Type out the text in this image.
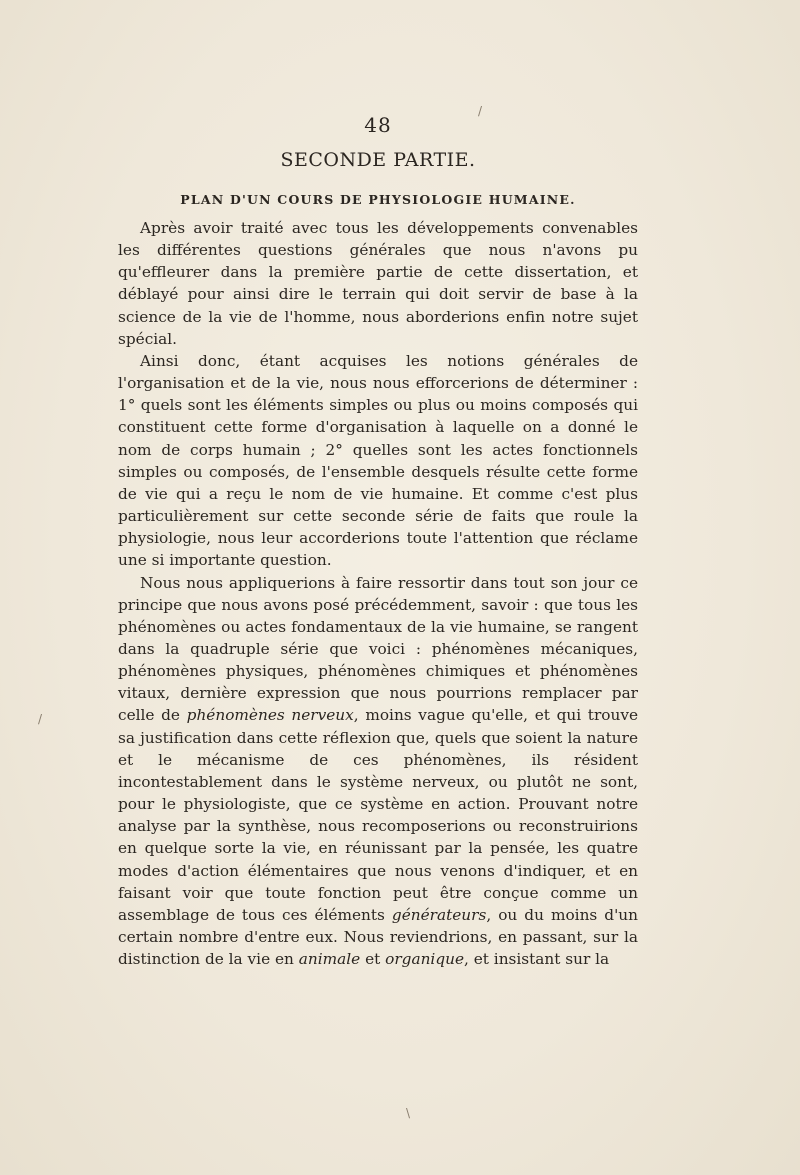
/
/
\
48
SECONDE PARTIE.
PLAN D'UN COURS DE PHYSIOLOGIE HUMAINE.

Après avoir traité avec tous les développements convenables les différentes questions générales que nous n'avons pu qu'effleurer dans la première partie de cette dissertation, et déblayé pour ainsi dire le terrain qui doit servir de base à la science de la vie de l'homme, nous aborderions enfin notre sujet spécial.

Ainsi donc, étant acquises les notions générales de l'organisation et de la vie, nous nous efforcerions de déterminer : 1° quels sont les éléments simples ou plus ou moins composés qui constituent cette forme d'organisation à laquelle on a donné le nom de corps humain ; 2° quelles sont les actes fonctionnels simples ou composés, de l'ensemble desquels résulte cette forme de vie qui a reçu le nom de vie humaine. Et comme c'est plus particulièrement sur cette seconde série de faits que roule la physiologie, nous leur accorderions toute l'attention que réclame une si importante question.

Nous nous appliquerions à faire ressortir dans tout son jour ce principe que nous avons posé précédemment, savoir : que tous les phénomènes ou actes fondamentaux de la vie humaine, se rangent dans la quadruple série que voici : phénomènes mécaniques, phénomènes physiques, phénomènes chimiques et phénomènes vitaux, dernière expression que nous pourrions remplacer par celle de phénomènes nerveux, moins vague qu'elle, et qui trouve sa justification dans cette réflexion que, quels que soient la nature et le mécanisme de ces phénomènes, ils résident incontestablement dans le système nerveux, ou plutôt ne sont, pour le physiologiste, que ce système en action. Prouvant notre analyse par la synthèse, nous recomposerions ou reconstruirions en quelque sorte la vie, en réunissant par la pensée, les quatre modes d'action élémentaires que nous venons d'indiquer, et en faisant voir que toute fonction peut être conçue comme un assemblage de tous ces éléments générateurs, ou du moins d'un certain nombre d'entre eux. Nous reviendrions, en passant, sur la distinction de la vie en animale et organique, et insistant sur la
